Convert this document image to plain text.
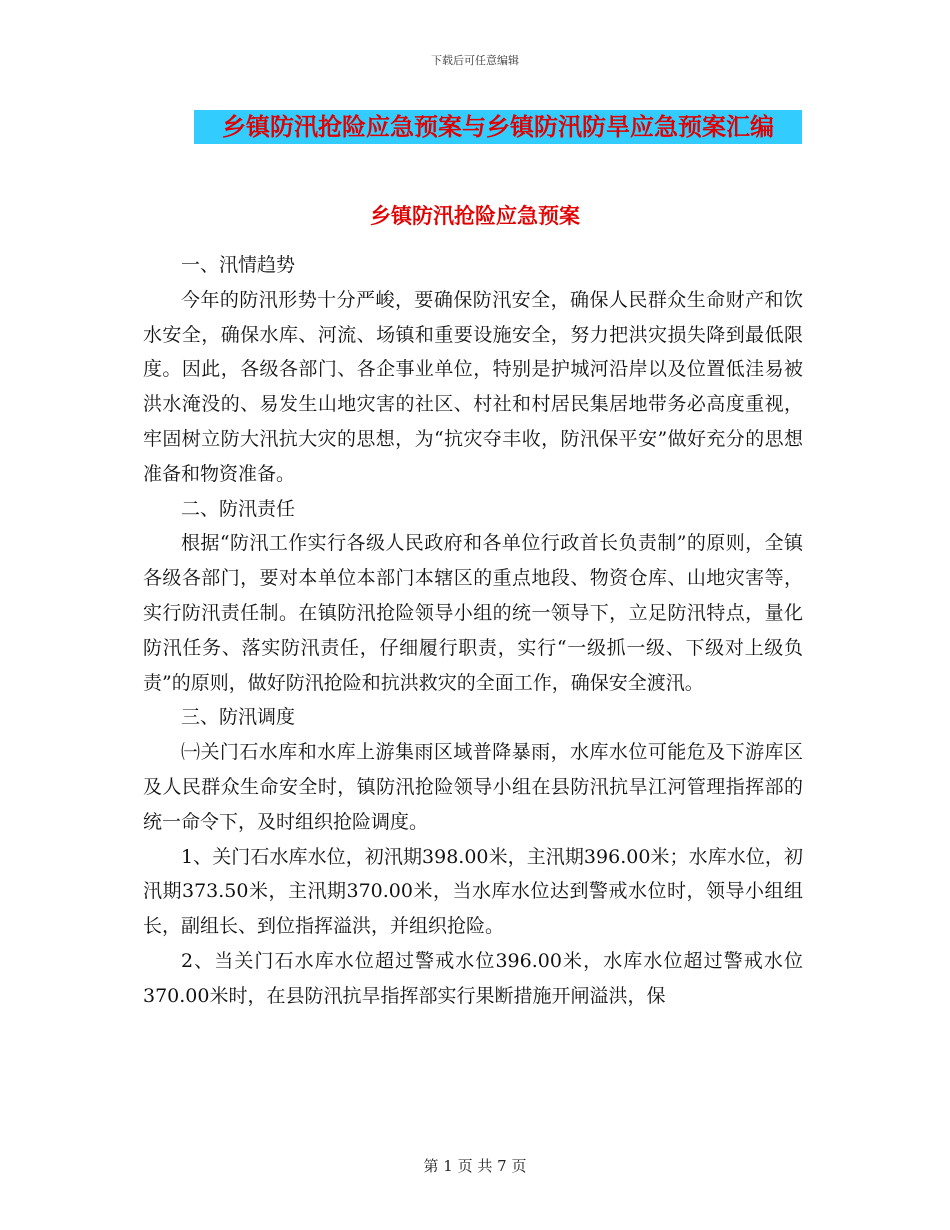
下载后可任意编辑
乡镇防汛抢险应急预案与乡镇防汛防旱应急预案汇编
乡镇防汛抢险应急预案

一、汛情趋势

今年的防汛形势十分严峻，要确保防汛安全，确保人民群众生命财产和饮水安全，确保水库、河流、场镇和重要设施安全，努力把洪灾损失降到最低限度。因此，各级各部门、各企事业单位，特别是护城河沿岸以及位置低洼易被洪水淹没的、易发生山地灾害的社区、村社和村居民集居地带务必高度重视，牢固树立防大汛抗大灾的思想，为“抗灾夺丰收，防汛保平安”做好充分的思想准备和物资准备。

二、防汛责任

根据“防汛工作实行各级人民政府和各单位行政首长负责制”的原则，全镇各级各部门，要对本单位本部门本辖区的重点地段、物资仓库、山地灾害等，实行防汛责任制。在镇防汛抢险领导小组的统一领导下，立足防汛特点，量化防汛任务、落实防汛责任，仔细履行职责，实行“一级抓一级、下级对上级负责”的原则，做好防汛抢险和抗洪救灾的全面工作，确保安全渡汛。

三、防汛调度

㈠关门石水库和水库上游集雨区域普降暴雨，水库水位可能危及下游库区及人民群众生命安全时，镇防汛抢险领导小组在县防汛抗旱江河管理指挥部的统一命令下，及时组织抢险调度。

1、关门石水库水位，初汛期398.00米，主汛期396.00米；水库水位，初汛期373.50米，主汛期370.00米，当水库水位达到警戒水位时，领导小组组长，副组长、到位指挥溢洪，并组织抢险。

2、当关门石水库水位超过警戒水位396.00米，水库水位超过警戒水位370.00米时，在县防汛抗旱指挥部实行果断措施开闸溢洪，保

第 1 页 共 7 页
